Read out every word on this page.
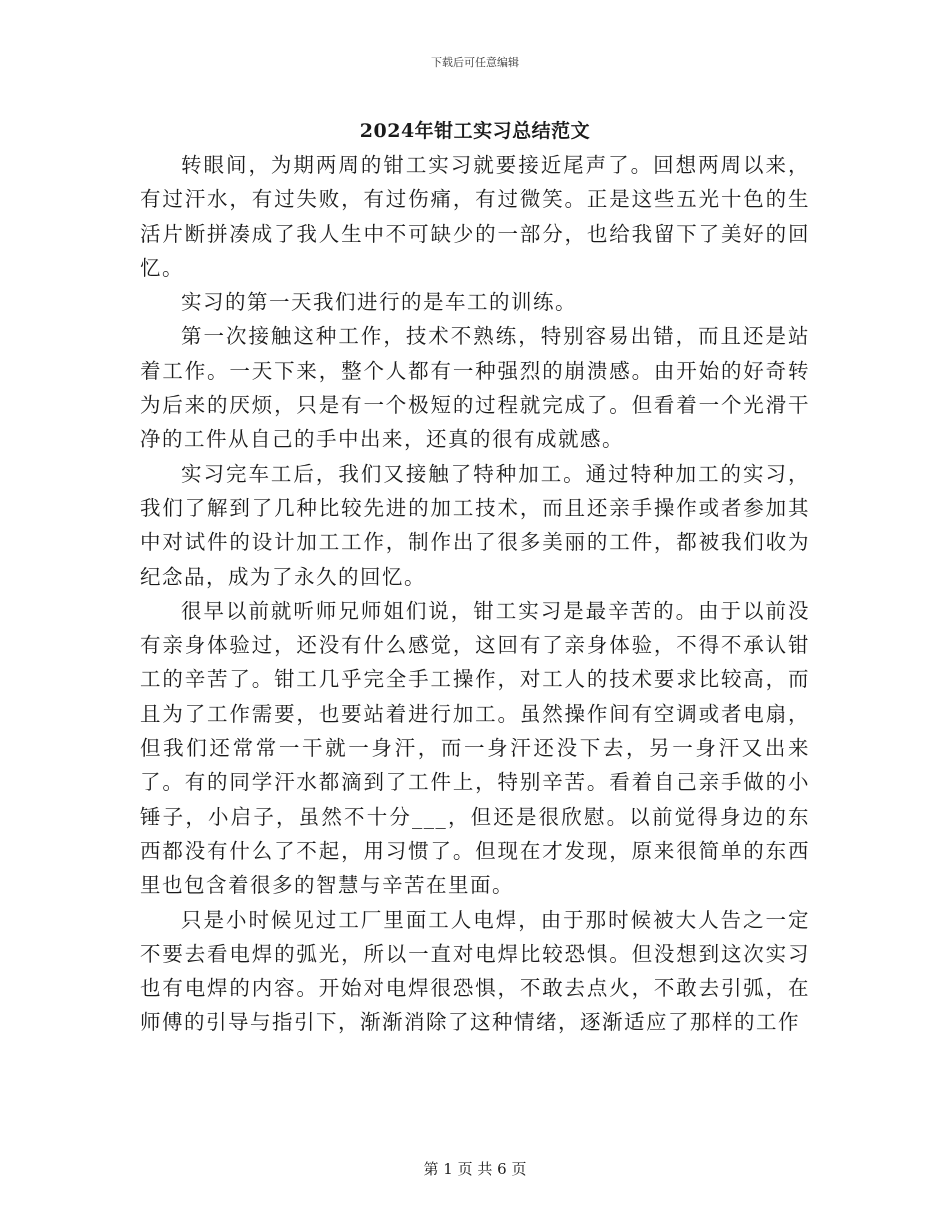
下载后可任意编辑
2024年钳工实习总结范文

转眼间，为期两周的钳工实习就要接近尾声了。回想两周以来，有过汗水，有过失败，有过伤痛，有过微笑。正是这些五光十色的生活片断拼凑成了我人生中不可缺少的一部分，也给我留下了美好的回忆。

实习的第一天我们进行的是车工的训练。

第一次接触这种工作，技术不熟练，特别容易出错，而且还是站着工作。一天下来，整个人都有一种强烈的崩溃感。由开始的好奇转为后来的厌烦，只是有一个极短的过程就完成了。但看着一个光滑干净的工件从自己的手中出来，还真的很有成就感。

实习完车工后，我们又接触了特种加工。通过特种加工的实习，我们了解到了几种比较先进的加工技术，而且还亲手操作或者参加其中对试件的设计加工工作，制作出了很多美丽的工件，都被我们收为纪念品，成为了永久的回忆。

很早以前就听师兄师姐们说，钳工实习是最辛苦的。由于以前没有亲身体验过，还没有什么感觉，这回有了亲身体验，不得不承认钳工的辛苦了。钳工几乎完全手工操作，对工人的技术要求比较高，而且为了工作需要，也要站着进行加工。虽然操作间有空调或者电扇，但我们还常常一干就一身汗，而一身汗还没下去，另一身汗又出来了。有的同学汗水都滴到了工件上，特别辛苦。看着自己亲手做的小锤子，小启子，虽然不十分___，但还是很欣慰。以前觉得身边的东西都没有什么了不起，用习惯了。但现在才发现，原来很简单的东西里也包含着很多的智慧与辛苦在里面。

只是小时候见过工厂里面工人电焊，由于那时候被大人告之一定不要去看电焊的弧光，所以一直对电焊比较恐惧。但没想到这次实习也有电焊的内容。开始对电焊很恐惧，不敢去点火，不敢去引弧，在师傅的引导与指引下，渐渐消除了这种情绪，逐渐适应了那样的工作

第 1 页 共 6 页
